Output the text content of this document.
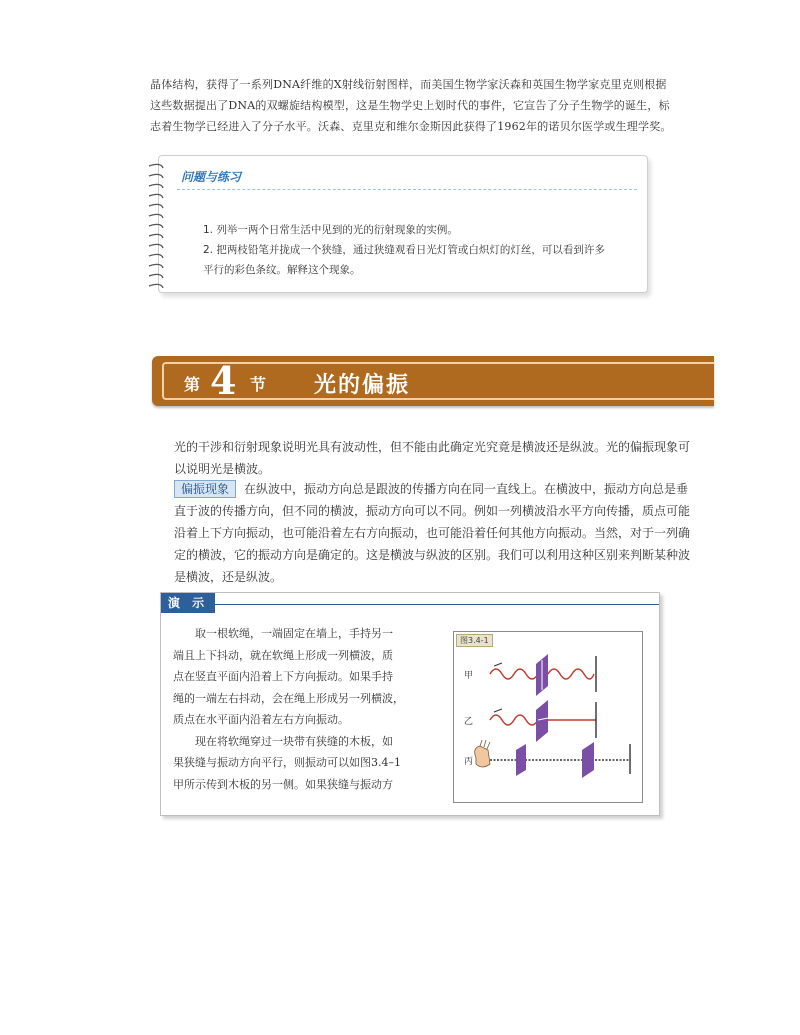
晶体结构，获得了一系列DNA纤维的X射线衍射图样，而美国生物学家沃森和英国生物学家克里克则根据
这些数据提出了DNA的双螺旋结构模型，这是生物学史上划时代的事件，它宣告了分子生物学的诞生，标
志着生物学已经进入了分子水平。沃森、克里克和维尔金斯因此获得了1962年的诺贝尔医学或生理学奖。
问题与练习
1. 列举一两个日常生活中见到的光的衍射现象的实例。
2. 把两枝铅笔并拢成一个狭缝，通过狭缝观看日光灯管或白炽灯的灯丝，可以看到许多
平行的彩色条纹。解释这个现象。
第 4 节 光的偏振
光的干涉和衍射现象说明光具有波动性，但不能由此确定光究竟是横波还是纵波。光的偏振现象可以说明光是横波。
偏振现象 在纵波中，振动方向总是跟波的传播方向在同一直线上。在横波中，振动方向总是垂直于波的传播方向，但不同的横波，振动方向可以不同。例如一列横波沿水平方向传播，质点可能沿着上下方向振动，也可能沿着左右方向振动，也可能沿着任何其他方向振动。当然，对于一列确定的横波，它的振动方向是确定的。这是横波与纵波的区别。我们可以利用这种区别来判断某种波是横波，还是纵波。
演 示
　　取一根软绳，一端固定在墙上，手持另一
端且上下抖动，就在软绳上形成一列横波，质
点在竖直平面内沿着上下方向振动。如果手持
绳的一端左右抖动，会在绳上形成另一列横波，
质点在水平面内沿着左右方向振动。
　　现在将软绳穿过一块带有狭缝的木板，如
果狭缝与振动方向平行，则振动可以如图3.4–1
甲所示传到木板的另一侧。如果狭缝与振动方
图3.4-1
甲
乙
丙
